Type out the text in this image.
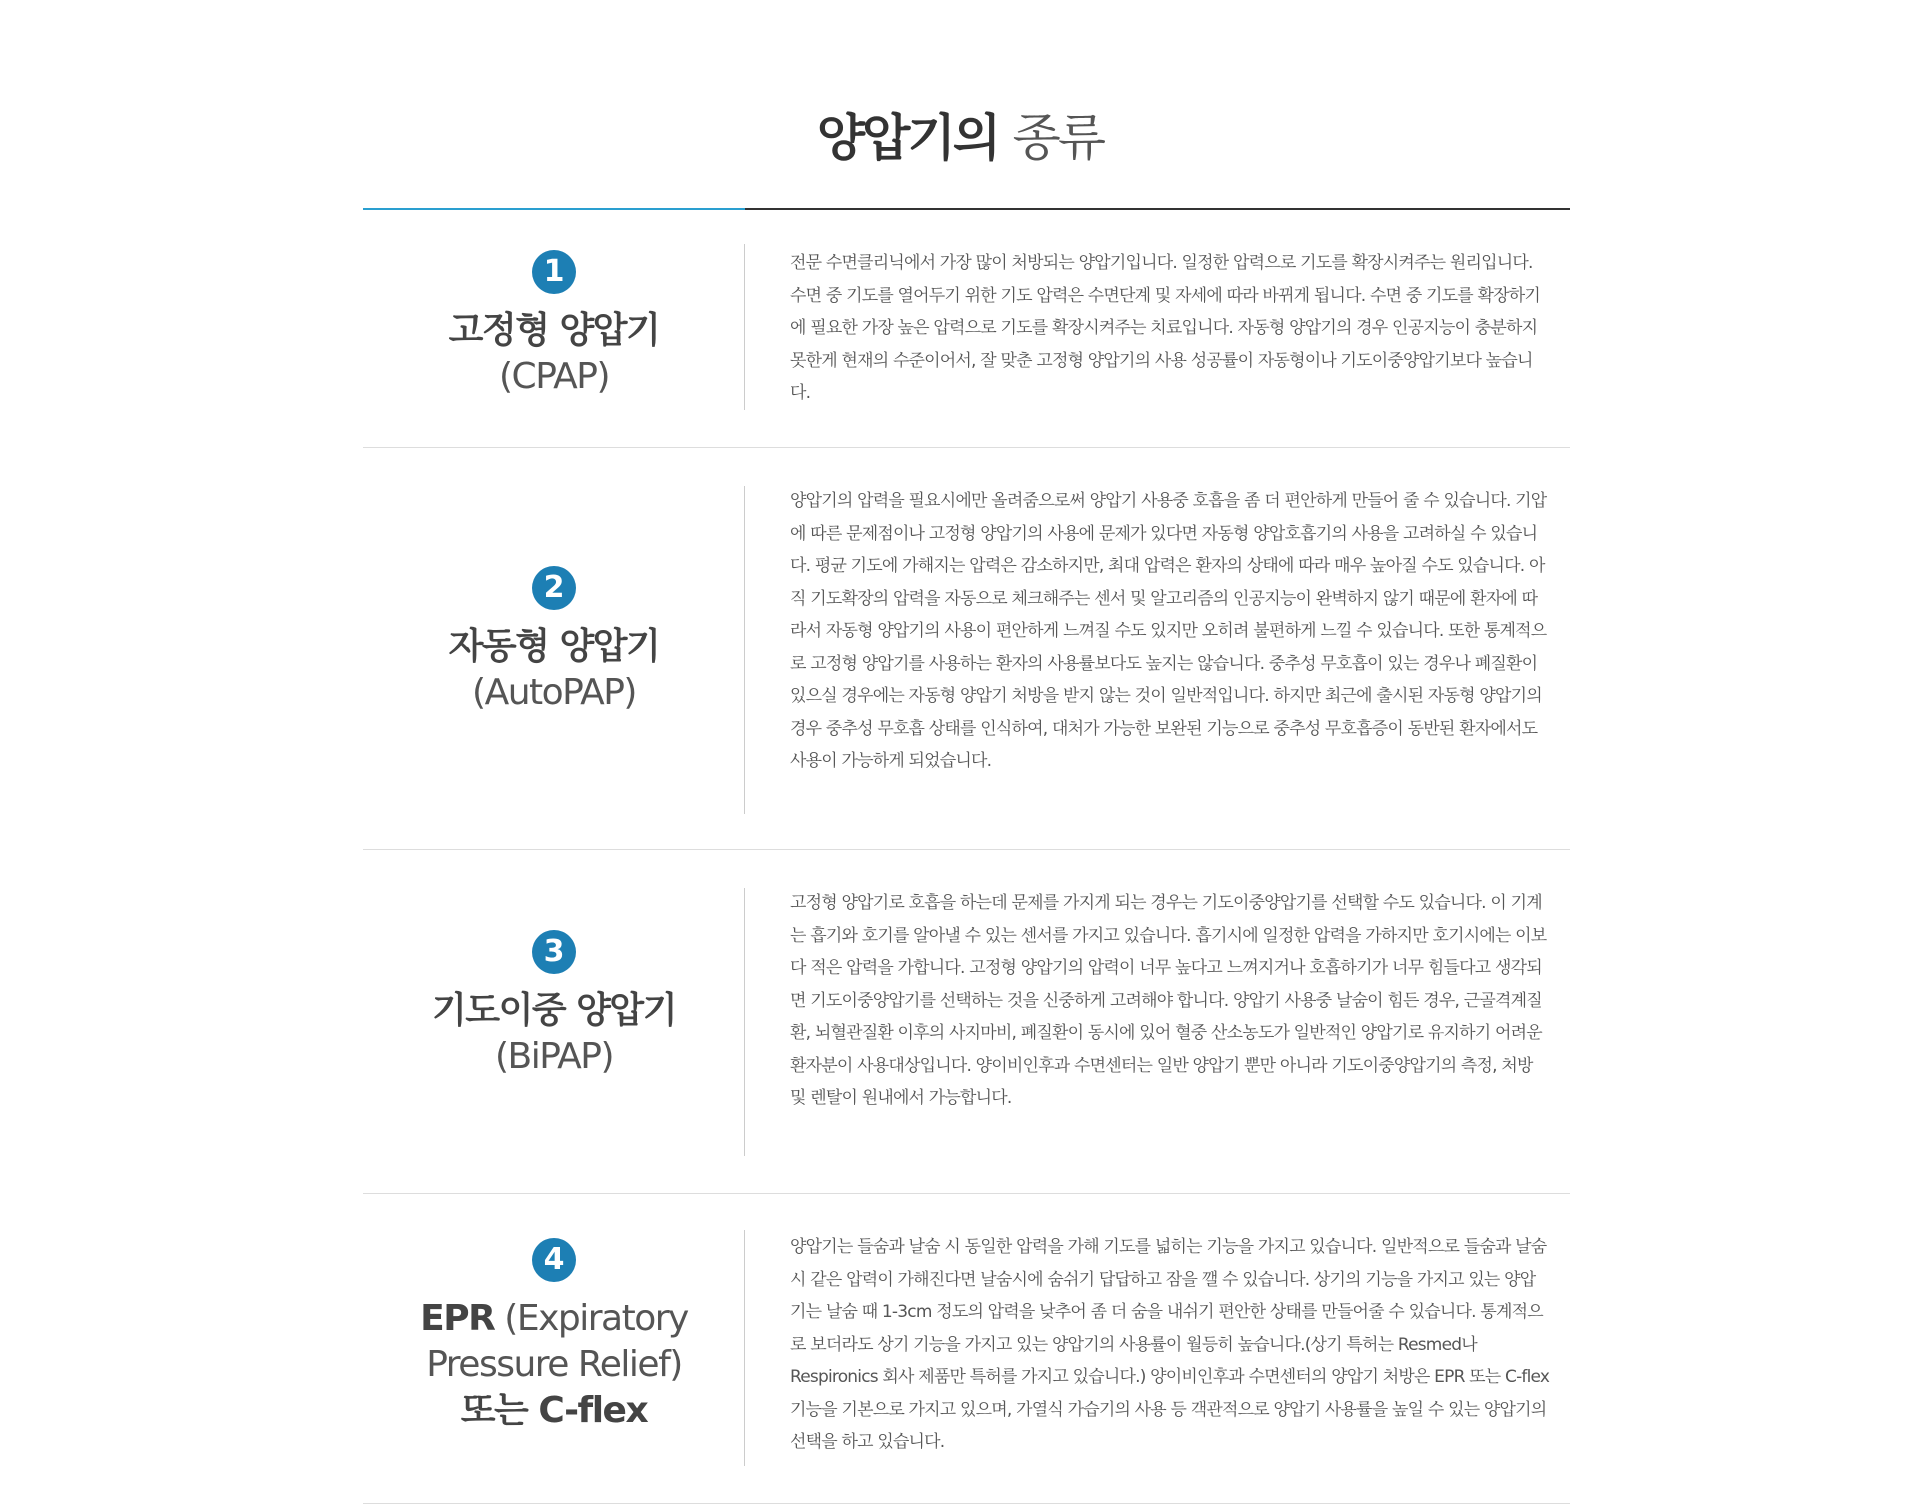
양압기의 종류
1
고정형 양압기
(CPAP)

전문 수면클리닉에서 가장 많이 처방되는 양압기입니다. 일정한 압력으로 기도를 확장시켜주는 원리입니다. 수면 중 기도를 열어두기 위한 기도 압력은 수면단계 및 자세에 따라 바뀌게 됩니다. 수면 중 기도를 확장하기에 필요한 가장 높은 압력으로 기도를 확장시켜주는 치료입니다. 자동형 양압기의 경우 인공지능이 충분하지 못한게 현재의 수준이어서, 잘 맞춘 고정형 양압기의 사용 성공률이 자동형이나 기도이중양압기보다 높습니다.

2
자동형 양압기
(AutoPAP)

양압기의 압력을 필요시에만 올려줌으로써 양압기 사용중 호흡을 좀 더 편안하게 만들어 줄 수 있습니다. 기압에 따른 문제점이나 고정형 양압기의 사용에 문제가 있다면 자동형 양압호흡기의 사용을 고려하실 수 있습니다. 평균 기도에 가해지는 압력은 감소하지만, 최대 압력은 환자의 상태에 따라 매우 높아질 수도 있습니다. 아직 기도확장의 압력을 자동으로 체크해주는 센서 및 알고리즘의 인공지능이 완벽하지 않기 때문에 환자에 따라서 자동형 양압기의 사용이 편안하게 느껴질 수도 있지만 오히려 불편하게 느낄 수 있습니다. 또한 통계적으로 고정형 양압기를 사용하는 환자의 사용률보다도 높지는 않습니다. 중추성 무호흡이 있는 경우나 폐질환이 있으실 경우에는 자동형 양압기 처방을 받지 않는 것이 일반적입니다. 하지만 최근에 출시된 자동형 양압기의 경우 중추성 무호흡 상태를 인식하여, 대처가 가능한 보완된 기능으로 중추성 무호흡증이 동반된 환자에서도 사용이 가능하게 되었습니다.

3
기도이중 양압기
(BiPAP)

고정형 양압기로 호흡을 하는데 문제를 가지게 되는 경우는 기도이중양압기를 선택할 수도 있습니다. 이 기계는 흡기와 호기를 알아낼 수 있는 센서를 가지고 있습니다. 흡기시에 일정한 압력을 가하지만 호기시에는 이보다 적은 압력을 가합니다. 고정형 양압기의 압력이 너무 높다고 느껴지거나 호흡하기가 너무 힘들다고 생각되면 기도이중양압기를 선택하는 것을 신중하게 고려해야 합니다. 양압기 사용중 날숨이 힘든 경우, 근골격계질환, 뇌혈관질환 이후의 사지마비, 폐질환이 동시에 있어 혈중 산소농도가 일반적인 양압기로 유지하기 어려운 환자분이 사용대상입니다. 양이비인후과 수면센터는 일반 양압기 뿐만 아니라 기도이중양압기의 측정, 처방 및 렌탈이 원내에서 가능합니다.

4
EPR (Expiratory
Pressure Relief)
또는 C-flex

양압기는 들숨과 날숨 시 동일한 압력을 가해 기도를 넓히는 기능을 가지고 있습니다. 일반적으로 들숨과 날숨 시 같은 압력이 가해진다면 날숨시에 숨쉬기 답답하고 잠을 깰 수 있습니다. 상기의 기능을 가지고 있는 양압기는 날숨 때 1-3cm 정도의 압력을 낮추어 좀 더 숨을 내쉬기 편안한 상태를 만들어줄 수 있습니다. 통계적으로 보더라도 상기 기능을 가지고 있는 양압기의 사용률이 월등히 높습니다.(상기 특허는 Resmed나 Respironics 회사 제품만 특허를 가지고 있습니다.) 양이비인후과 수면센터의 양압기 처방은 EPR 또는 C-flex 기능을 기본으로 가지고 있으며, 가열식 가습기의 사용 등 객관적으로 양압기 사용률을 높일 수 있는 양압기의 선택을 하고 있습니다.
